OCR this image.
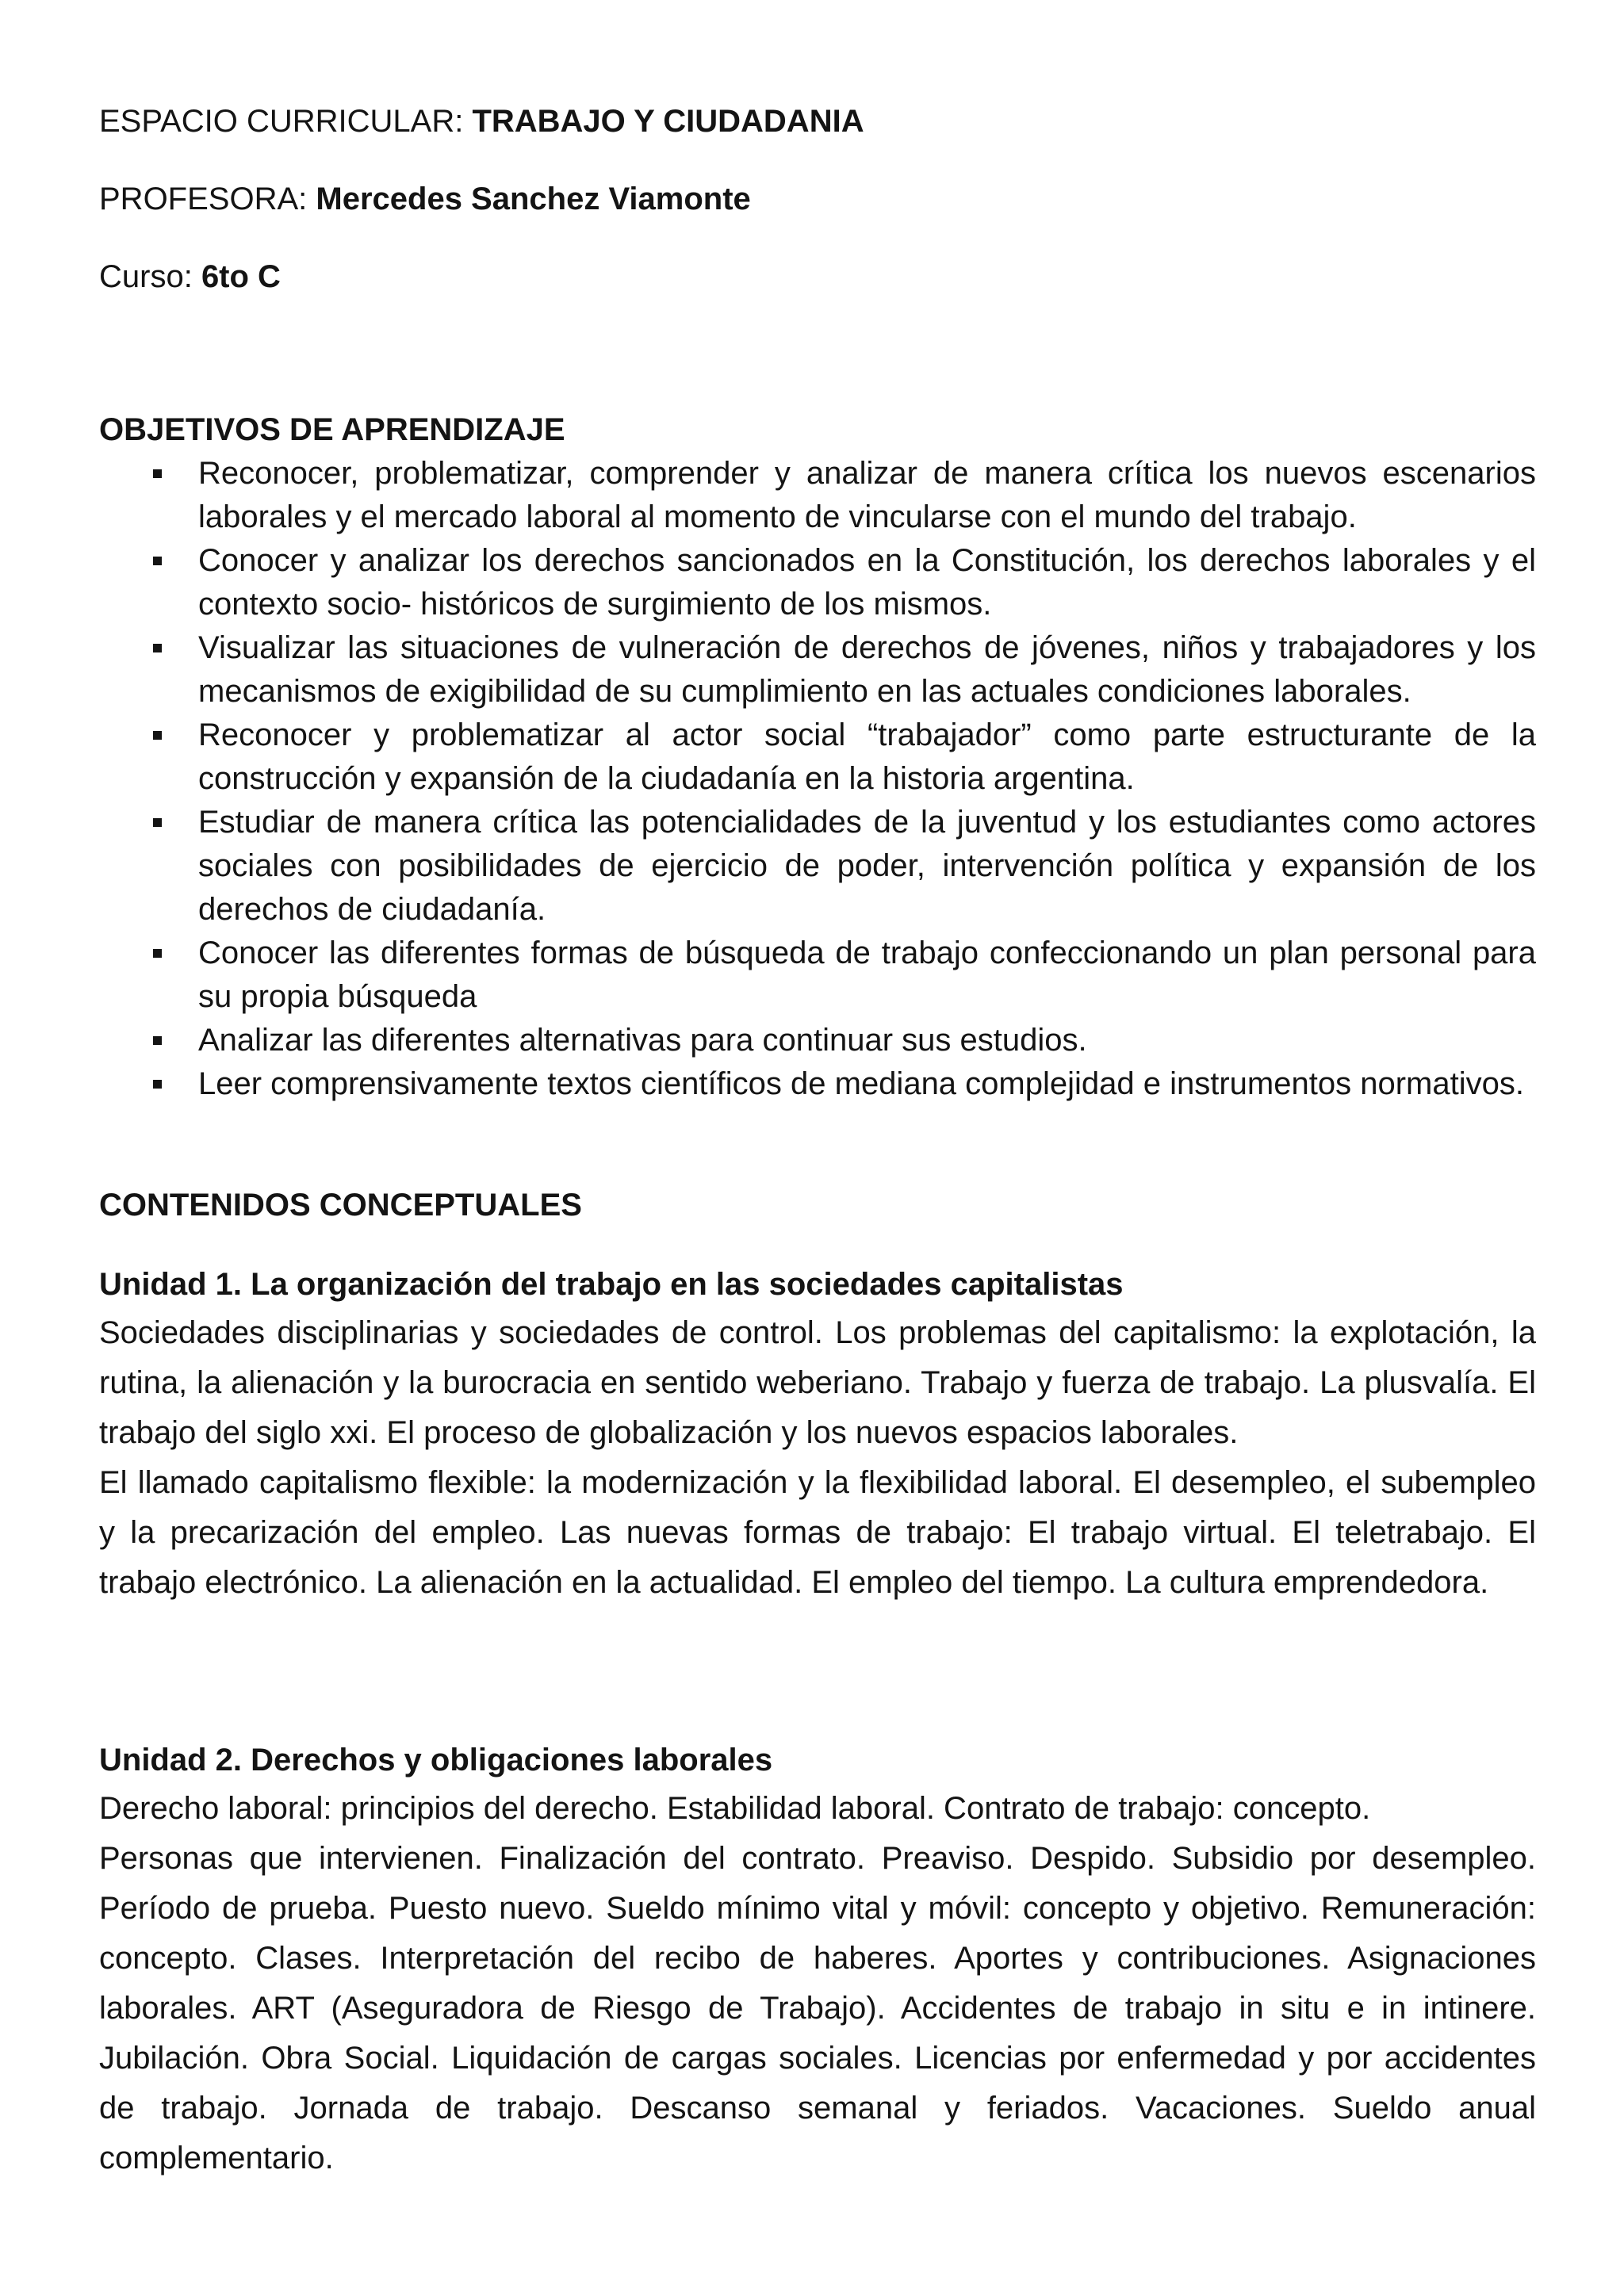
ESPACIO CURRICULAR: TRABAJO Y CIUDADANIA

PROFESORA: Mercedes Sanchez Viamonte

Curso: 6to C

OBJETIVOS DE APRENDIZAJE
Reconocer, problematizar, comprender y analizar de manera crítica los nuevos escenarios laborales y el mercado laboral al momento de vincularse con el mundo del trabajo.
Conocer y analizar los derechos sancionados en la Constitución, los derechos laborales y el contexto socio- históricos de surgimiento de los mismos.
Visualizar las situaciones de vulneración de derechos de jóvenes, niños y trabajadores y los mecanismos de exigibilidad de su cumplimiento en las actuales condiciones laborales.
Reconocer y problematizar al actor social “trabajador” como parte estructurante de la construcción y expansión de la ciudadanía en la historia argentina.
Estudiar de manera crítica las potencialidades de la juventud y los estudiantes como actores sociales con posibilidades de ejercicio de poder, intervención política y expansión de los derechos de ciudadanía.
Conocer las diferentes formas de búsqueda de trabajo confeccionando un plan personal para su propia búsqueda
Analizar las diferentes alternativas para continuar sus estudios.
Leer comprensivamente textos científicos de mediana complejidad e instrumentos normativos.
CONTENIDOS CONCEPTUALES
Unidad 1. La organización del trabajo en las sociedades capitalistas

Sociedades disciplinarias y sociedades de control. Los problemas del capitalismo: la explotación, la rutina, la alienación y la burocracia en sentido weberiano. Trabajo y fuerza de trabajo. La plusvalía. El trabajo del siglo xxi. El proceso de globalización y los nuevos espacios laborales.

El llamado capitalismo flexible: la modernización y la flexibilidad laboral. El desempleo, el subempleo y la precarización del empleo. Las nuevas formas de trabajo: El trabajo virtual. El teletrabajo. El trabajo electrónico. La alienación en la actualidad. El empleo del tiempo. La cultura emprendedora.

Unidad 2. Derechos y obligaciones laborales

Derecho laboral: principios del derecho. Estabilidad laboral. Contrato de trabajo: concepto.

Personas que intervienen. Finalización del contrato. Preaviso. Despido. Subsidio por desempleo. Período de prueba. Puesto nuevo. Sueldo mínimo vital y móvil: concepto y objetivo. Remuneración: concepto. Clases. Interpretación del recibo de haberes. Aportes y contribuciones. Asignaciones laborales. ART (Aseguradora de Riesgo de Trabajo). Accidentes de trabajo in situ e in intinere. Jubilación. Obra Social. Liquidación de cargas sociales. Licencias por enfermedad y por accidentes de trabajo. Jornada de trabajo. Descanso semanal y feriados. Vacaciones. Sueldo anual complementario.
